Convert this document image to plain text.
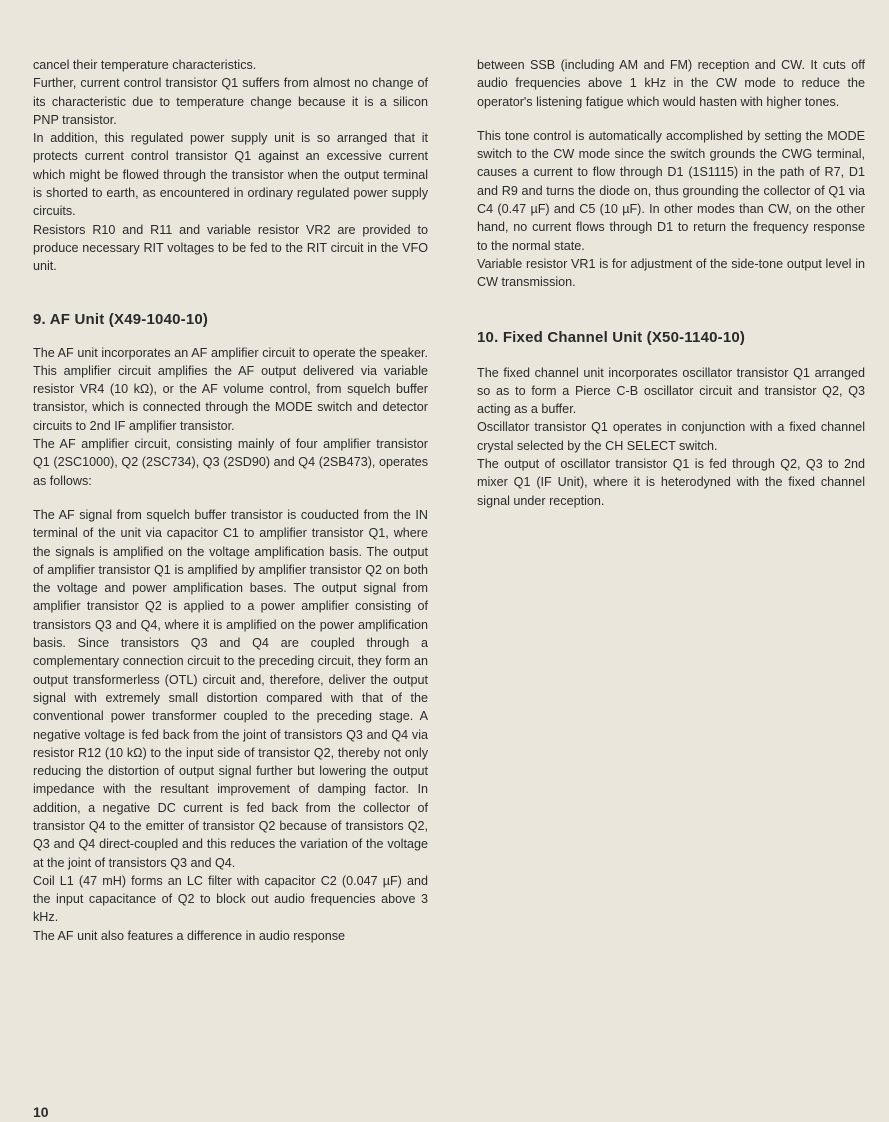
cancel their temperature characteristics.

Further, current control transistor Q1 suffers from almost no change of its characteristic due to temperature change because it is a silicon PNP transistor.

In addition, this regulated power supply unit is so arranged that it protects current control transistor Q1 against an excessive current which might be flowed through the transistor when the output terminal is shorted to earth, as encountered in ordinary regulated power supply circuits.

Resistors R10 and R11 and variable resistor VR2 are provided to produce necessary RIT voltages to be fed to the RIT circuit in the VFO unit.

9. AF Unit (X49-1040-10)

The AF unit incorporates an AF amplifier circuit to operate the speaker. This amplifier circuit amplifies the AF output delivered via variable resistor VR4 (10 kΩ), or the AF volume control, from squelch buffer transistor, which is connected through the MODE switch and detector circuits to 2nd IF amplifier transistor.

The AF amplifier circuit, consisting mainly of four amplifier transistor Q1 (2SC1000), Q2 (2SC734), Q3 (2SD90) and Q4 (2SB473), operates as follows:

The AF signal from squelch buffer transistor is couducted from the IN terminal of the unit via capacitor C1 to amplifier transistor Q1, where the signals is amplified on the voltage amplification basis. The output of amplifier transistor Q1 is amplified by amplifier transistor Q2 on both the voltage and power amplification bases. The output signal from amplifier transistor Q2 is applied to a power amplifier consisting of transistors Q3 and Q4, where it is amplified on the power amplification basis. Since transistors Q3 and Q4 are coupled through a complementary connection circuit to the preceding circuit, they form an output transformerless (OTL) circuit and, therefore, deliver the output signal with extremely small distortion compared with that of the conventional power transformer coupled to the preceding stage. A negative voltage is fed back from the joint of transistors Q3 and Q4 via resistor R12 (10 kΩ) to the input side of transistor Q2, thereby not only reducing the distortion of output signal further but lowering the output impedance with the resultant improvement of damping factor. In addition, a negative DC current is fed back from the collector of transistor Q4 to the emitter of transistor Q2 because of transistors Q2, Q3 and Q4 direct-coupled and this reduces the variation of the voltage at the joint of transistors Q3 and Q4.

Coil L1 (47 mH) forms an LC filter with capacitor C2 (0.047 µF) and the input capacitance of Q2 to block out audio frequencies above 3 kHz.

The AF unit also features a difference in audio response

between SSB (including AM and FM) reception and CW. It cuts off audio frequencies above 1 kHz in the CW mode to reduce the operator's listening fatigue which would hasten with higher tones.

This tone control is automatically accomplished by setting the MODE switch to the CW mode since the switch grounds the CWG terminal, causes a current to flow through D1 (1S1115) in the path of R7, D1 and R9 and turns the diode on, thus grounding the collector of Q1 via C4 (0.47 µF) and C5 (10 µF). In other modes than CW, on the other hand, no current flows through D1 to return the frequency response to the normal state.

Variable resistor VR1 is for adjustment of the side-tone output level in CW transmission.

10. Fixed Channel Unit (X50-1140-10)

The fixed channel unit incorporates oscillator transistor Q1 arranged so as to form a Pierce C-B oscillator circuit and transistor Q2, Q3 acting as a buffer.

Oscillator transistor Q1 operates in conjunction with a fixed channel crystal selected by the CH SELECT switch.

The output of oscillator transistor Q1 is fed through Q2, Q3 to 2nd mixer Q1 (IF Unit), where it is heterodyned with the fixed channel signal under reception.

10
